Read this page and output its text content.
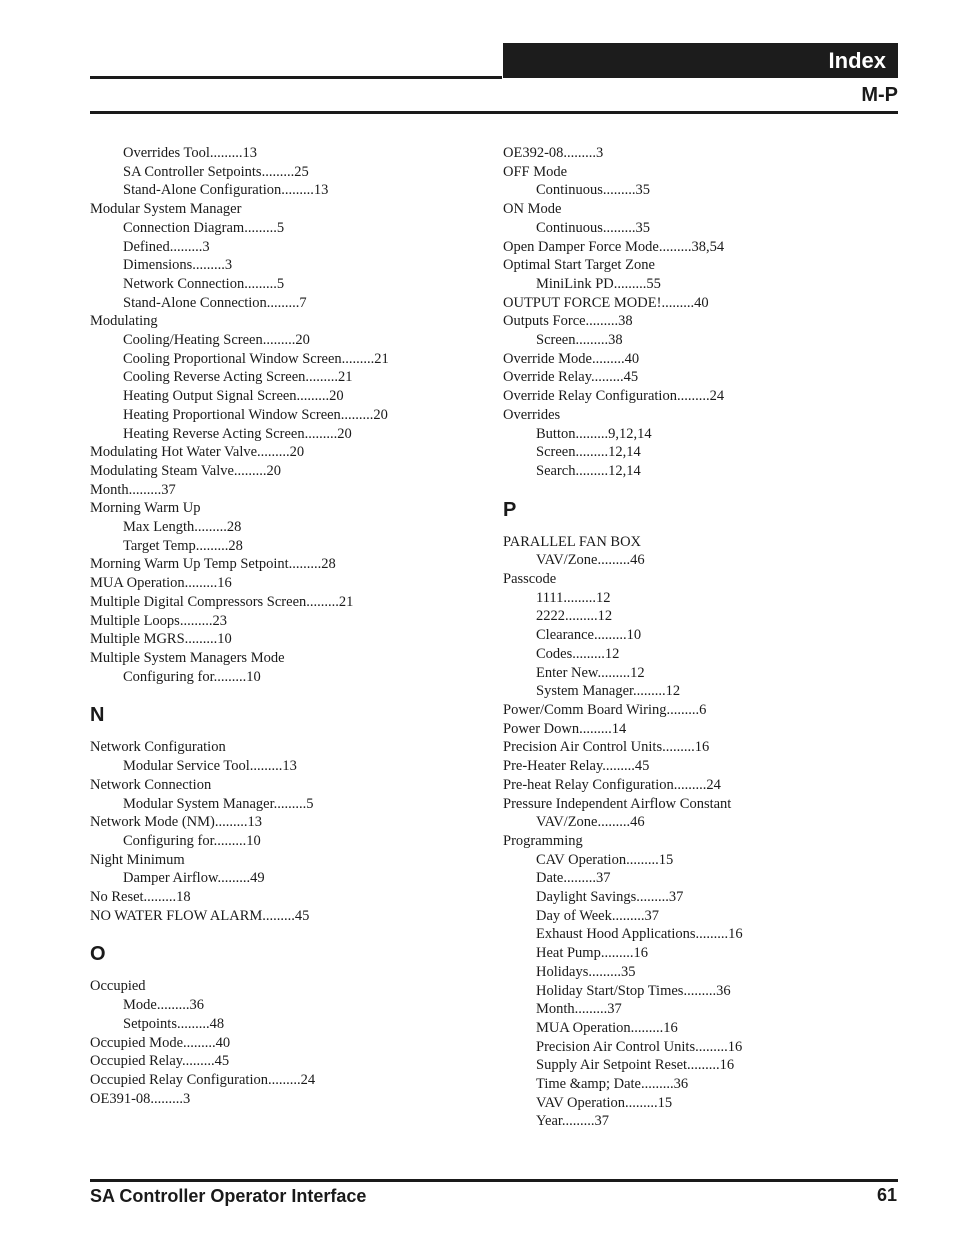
Index
M-P
Overrides Tool.........13
SA Controller Setpoints.........25
Stand-Alone Configuration.........13
Modular System Manager
Connection Diagram.........5
Defined.........3
Dimensions.........3
Network Connection.........5
Stand-Alone Connection.........7
Modulating
Cooling/Heating Screen.........20
Cooling Proportional Window Screen.........21
Cooling Reverse Acting Screen.........21
Heating Output Signal Screen.........20
Heating Proportional Window Screen.........20
Heating Reverse Acting Screen.........20
Modulating Hot Water Valve.........20
Modulating Steam Valve.........20
Month.........37
Morning Warm Up
Max Length.........28
Target Temp.........28
Morning Warm Up Temp Setpoint.........28
MUA Operation.........16
Multiple Digital Compressors Screen.........21
Multiple Loops.........23
Multiple MGRS.........10
Multiple System Managers Mode
Configuring for.........10
N
Network Configuration
Modular Service Tool.........13
Network Connection
Modular System Manager.........5
Network Mode (NM).........13
Configuring for.........10
Night Minimum
Damper Airflow.........49
No Reset.........18
NO WATER FLOW ALARM.........45
O
Occupied
Mode.........36
Setpoints.........48
Occupied Mode.........40
Occupied Relay.........45
Occupied Relay Configuration.........24
OE391-08.........3
OE392-08.........3
OFF Mode
Continuous.........35
ON Mode
Continuous.........35
Open Damper Force Mode.........38,54
Optimal Start Target Zone
MiniLink PD.........55
OUTPUT FORCE MODE!.........40
Outputs Force.........38
Screen.........38
Override Mode.........40
Override Relay.........45
Override Relay Configuration.........24
Overrides
Button.........9,12,14
Screen.........12,14
Search.........12,14
P
PARALLEL FAN BOX
VAV/Zone.........46
Passcode
1111.........12
2222.........12
Clearance.........10
Codes.........12
Enter New.........12
System Manager.........12
Power/Comm Board Wiring.........6
Power Down.........14
Precision Air Control Units.........16
Pre-Heater Relay.........45
Pre-heat Relay Configuration.........24
Pressure Independent Airflow Constant
VAV/Zone.........46
Programming
CAV Operation.........15
Date.........37
Daylight Savings.........37
Day of Week.........37
Exhaust Hood Applications.........16
Heat Pump.........16
Holidays.........35
Holiday Start/Stop Times.........36
Month.........37
MUA Operation.........16
Precision Air Control Units.........16
Supply Air Setpoint Reset.........16
Time &amp; Date.........36
VAV Operation.........15
Year.........37
SA Controller Operator Interface	61
